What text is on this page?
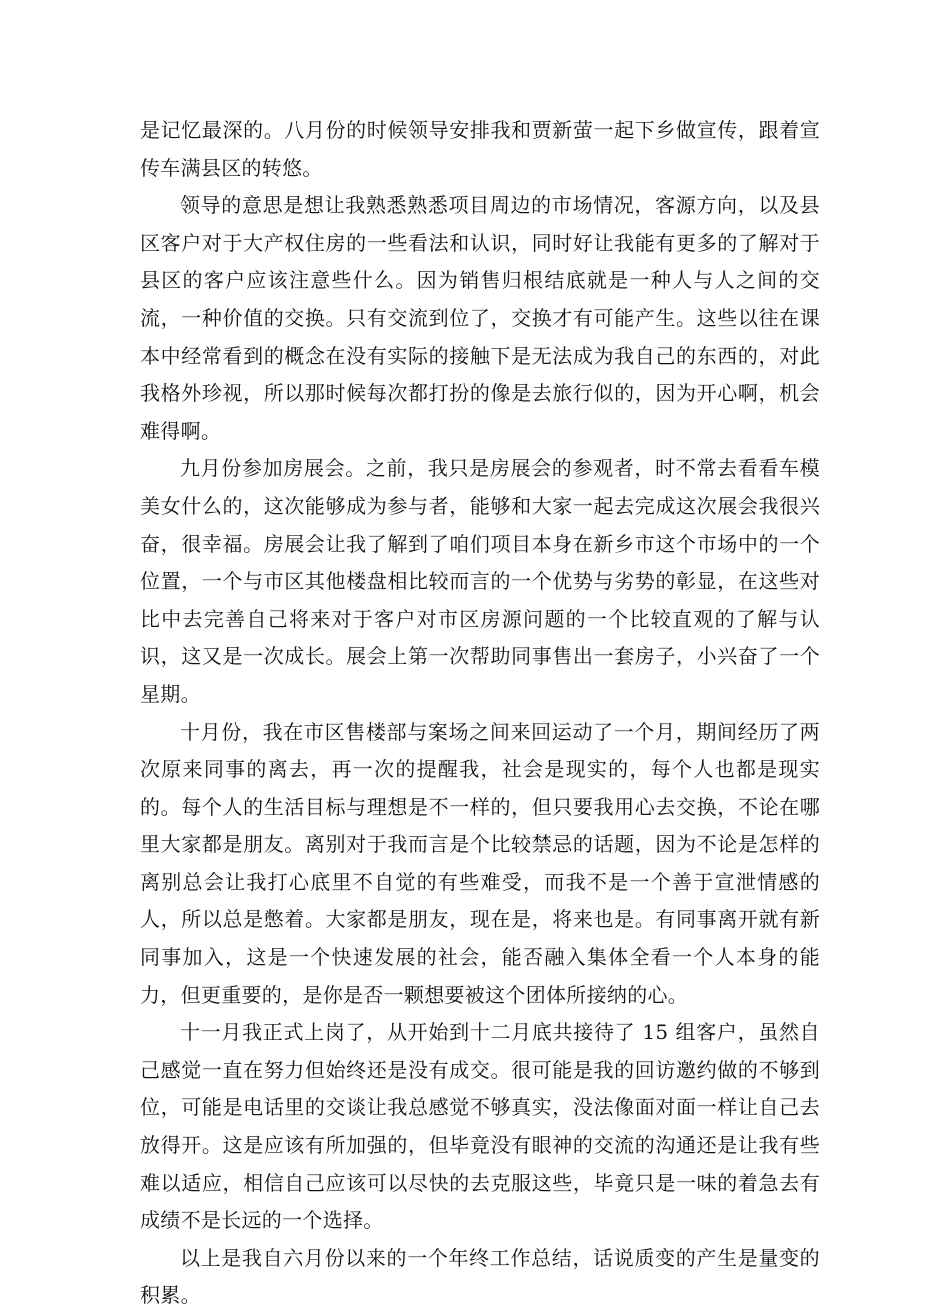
是记忆最深的。八月份的时候领导安排我和贾新萤一起下乡做宣传，跟着宣传车满县区的转悠。

领导的意思是想让我熟悉熟悉项目周边的市场情况，客源方向，以及县区客户对于大产权住房的一些看法和认识，同时好让我能有更多的了解对于县区的客户应该注意些什么。因为销售归根结底就是一种人与人之间的交流，一种价值的交换。只有交流到位了，交换才有可能产生。这些以往在课本中经常看到的概念在没有实际的接触下是无法成为我自己的东西的，对此我格外珍视，所以那时候每次都打扮的像是去旅行似的，因为开心啊，机会难得啊。

九月份参加房展会。之前，我只是房展会的参观者，时不常去看看车模美女什么的，这次能够成为参与者，能够和大家一起去完成这次展会我很兴奋，很幸福。房展会让我了解到了咱们项目本身在新乡市这个市场中的一个位置，一个与市区其他楼盘相比较而言的一个优势与劣势的彰显，在这些对比中去完善自己将来对于客户对市区房源问题的一个比较直观的了解与认识，这又是一次成长。展会上第一次帮助同事售出一套房子，小兴奋了一个星期。

十月份，我在市区售楼部与案场之间来回运动了一个月，期间经历了两次原来同事的离去，再一次的提醒我，社会是现实的，每个人也都是现实的。每个人的生活目标与理想是不一样的，但只要我用心去交换，不论在哪里大家都是朋友。离别对于我而言是个比较禁忌的话题，因为不论是怎样的离别总会让我打心底里不自觉的有些难受，而我不是一个善于宣泄情感的人，所以总是憋着。大家都是朋友，现在是，将来也是。有同事离开就有新同事加入，这是一个快速发展的社会，能否融入集体全看一个人本身的能力，但更重要的，是你是否一颗想要被这个团体所接纳的心。

十一月我正式上岗了，从开始到十二月底共接待了 15 组客户，虽然自己感觉一直在努力但始终还是没有成交。很可能是我的回访邀约做的不够到位，可能是电话里的交谈让我总感觉不够真实，没法像面对面一样让自己去放得开。这是应该有所加强的，但毕竟没有眼神的交流的沟通还是让我有些难以适应，相信自己应该可以尽快的去克服这些，毕竟只是一味的着急去有成绩不是长远的一个选择。

以上是我自六月份以来的一个年终工作总结，话说质变的产生是量变的积累。
